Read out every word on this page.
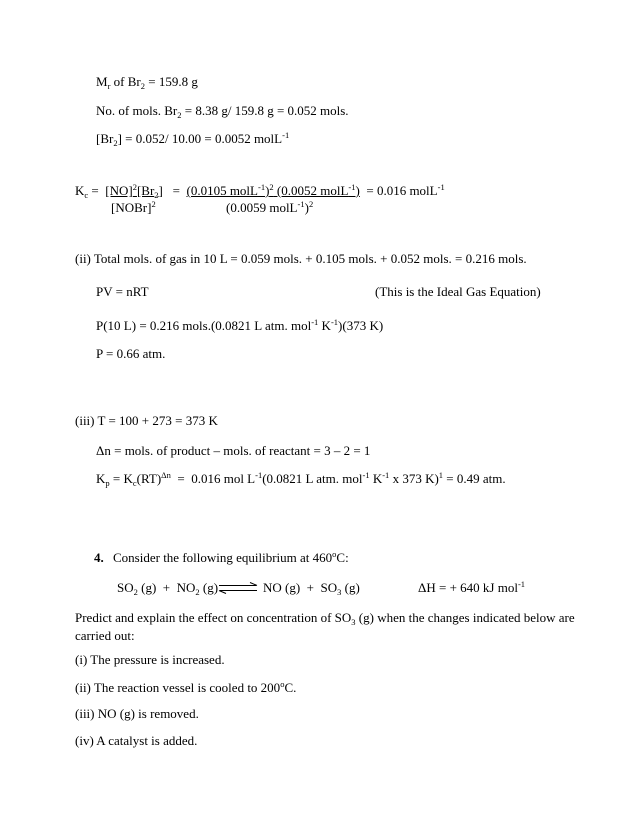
$M_r$ of $Br_2 = 159.8$ g
No. of mols. $Br_2 = 8.38$ g/ 159.8 g = 0.052 mols.
$[Br_2] = 0.052/$ 10.00 = 0.0052 molL$^{-1}$
$K_c = [NO]^2[Br_2] = (0.0105$ molL$^{-1}$)$^2$ (0.0052 molL$^{-1}$)  = 0.016 molL$^{-1}$
[NOBr]$^2$	(0.0059 molL$^{-1}$)$^2$
(ii) Total mols. of gas in 10 L = 0.059 mols. + 0.105 mols. + 0.052 mols. = 0.216 mols.
PV = nRT	(This is the Ideal Gas Equation)
P(10 L) = 0.216 mols.(0.0821 L atm. mol$^{-1}$ $K^{-1})(373$ K)
P = 0.66 atm.
(iii) T = 100 + 273 = 373 K
Δn = mols. of product – mols. of reactant = 3 – 2 = 1
$K_p = K_c(RT)^{\Delta n} = 0.016$ mol $L^{-1}(0.0821$ L atm. mol$^{-1}$ $K^{-1}$ x 373 K)$^1$ = 0.49 atm.
4. Consider the following equilibrium at 460$^o$C:
$SO_2$ $(g) + NO_2$ (g) ⇌ NO $(g) + SO_3$ (g)	ΔH = + 640 kJ mol$^{-1}$
Predict and explain the effect on concentration of $SO_3$ (g) when the changes indicated below are
carried out:
(i) The pressure is increased.
(ii) The reaction vessel is cooled to 200$^o$C.
(iii) NO (g) is removed.
(iv) A catalyst is added.
